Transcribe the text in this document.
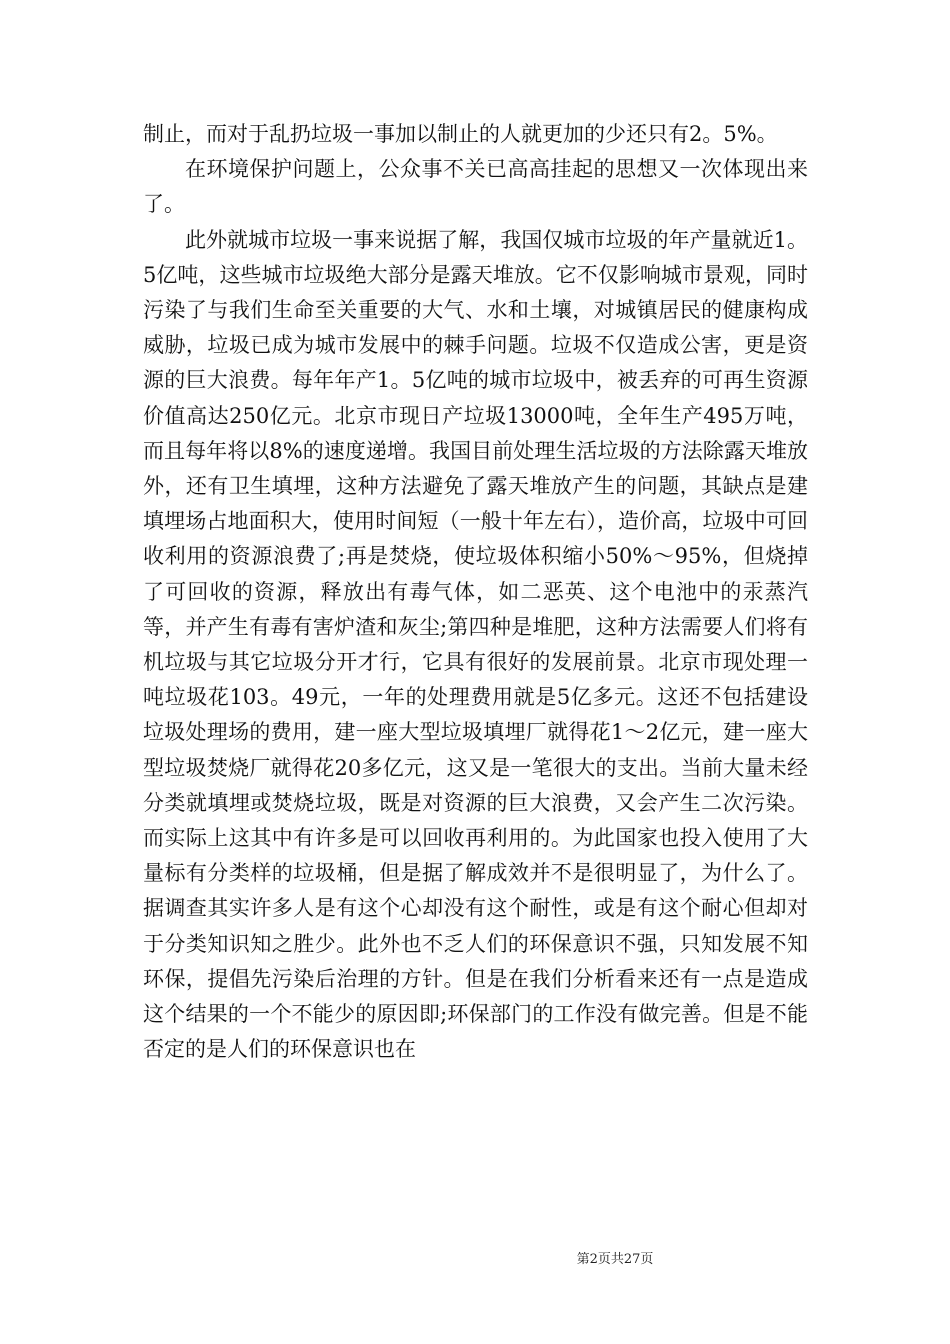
制止，而对于乱扔垃圾一事加以制止的人就更加的少还只有2。5%。

在环境保护问题上，公众事不关已高高挂起的思想又一次体现出来了。

此外就城市垃圾一事来说据了解，我国仅城市垃圾的年产量就近1。5亿吨，这些城市垃圾绝大部分是露天堆放。它不仅影响城市景观，同时污染了与我们生命至关重要的大气、水和土壤，对城镇居民的健康构成威胁，垃圾已成为城市发展中的棘手问题。垃圾不仅造成公害，更是资源的巨大浪费。每年年产1。5亿吨的城市垃圾中，被丢弃的可再生资源价值高达250亿元。北京市现日产垃圾13000吨，全年生产495万吨，而且每年将以8%的速度递增。我国目前处理生活垃圾的方法除露天堆放外，还有卫生填埋，这种方法避免了露天堆放产生的问题，其缺点是建填埋场占地面积大，使用时间短（一般十年左右），造价高，垃圾中可回收利用的资源浪费了;再是焚烧，使垃圾体积缩小50%～95%，但烧掉了可回收的资源，释放出有毒气体，如二恶英、这个电池中的汞蒸汽等，并产生有毒有害炉渣和灰尘;第四种是堆肥，这种方法需要人们将有机垃圾与其它垃圾分开才行，它具有很好的发展前景。北京市现处理一吨垃圾花103。49元，一年的处理费用就是5亿多元。这还不包括建设垃圾处理场的费用，建一座大型垃圾填埋厂就得花1～2亿元，建一座大型垃圾焚烧厂就得花20多亿元，这又是一笔很大的支出。当前大量未经分类就填埋或焚烧垃圾，既是对资源的巨大浪费，又会产生二次污染。而实际上这其中有许多是可以回收再利用的。为此国家也投入使用了大量标有分类样的垃圾桶，但是据了解成效并不是很明显了，为什么了。据调查其实许多人是有这个心却没有这个耐性，或是有这个耐心但却对于分类知识知之胜少。此外也不乏人们的环保意识不强，只知发展不知环保，提倡先污染后治理的方针。但是在我们分析看来还有一点是造成这个结果的一个不能少的原因即;环保部门的工作没有做完善。但是不能否定的是人们的环保意识也在

第2页共27页
